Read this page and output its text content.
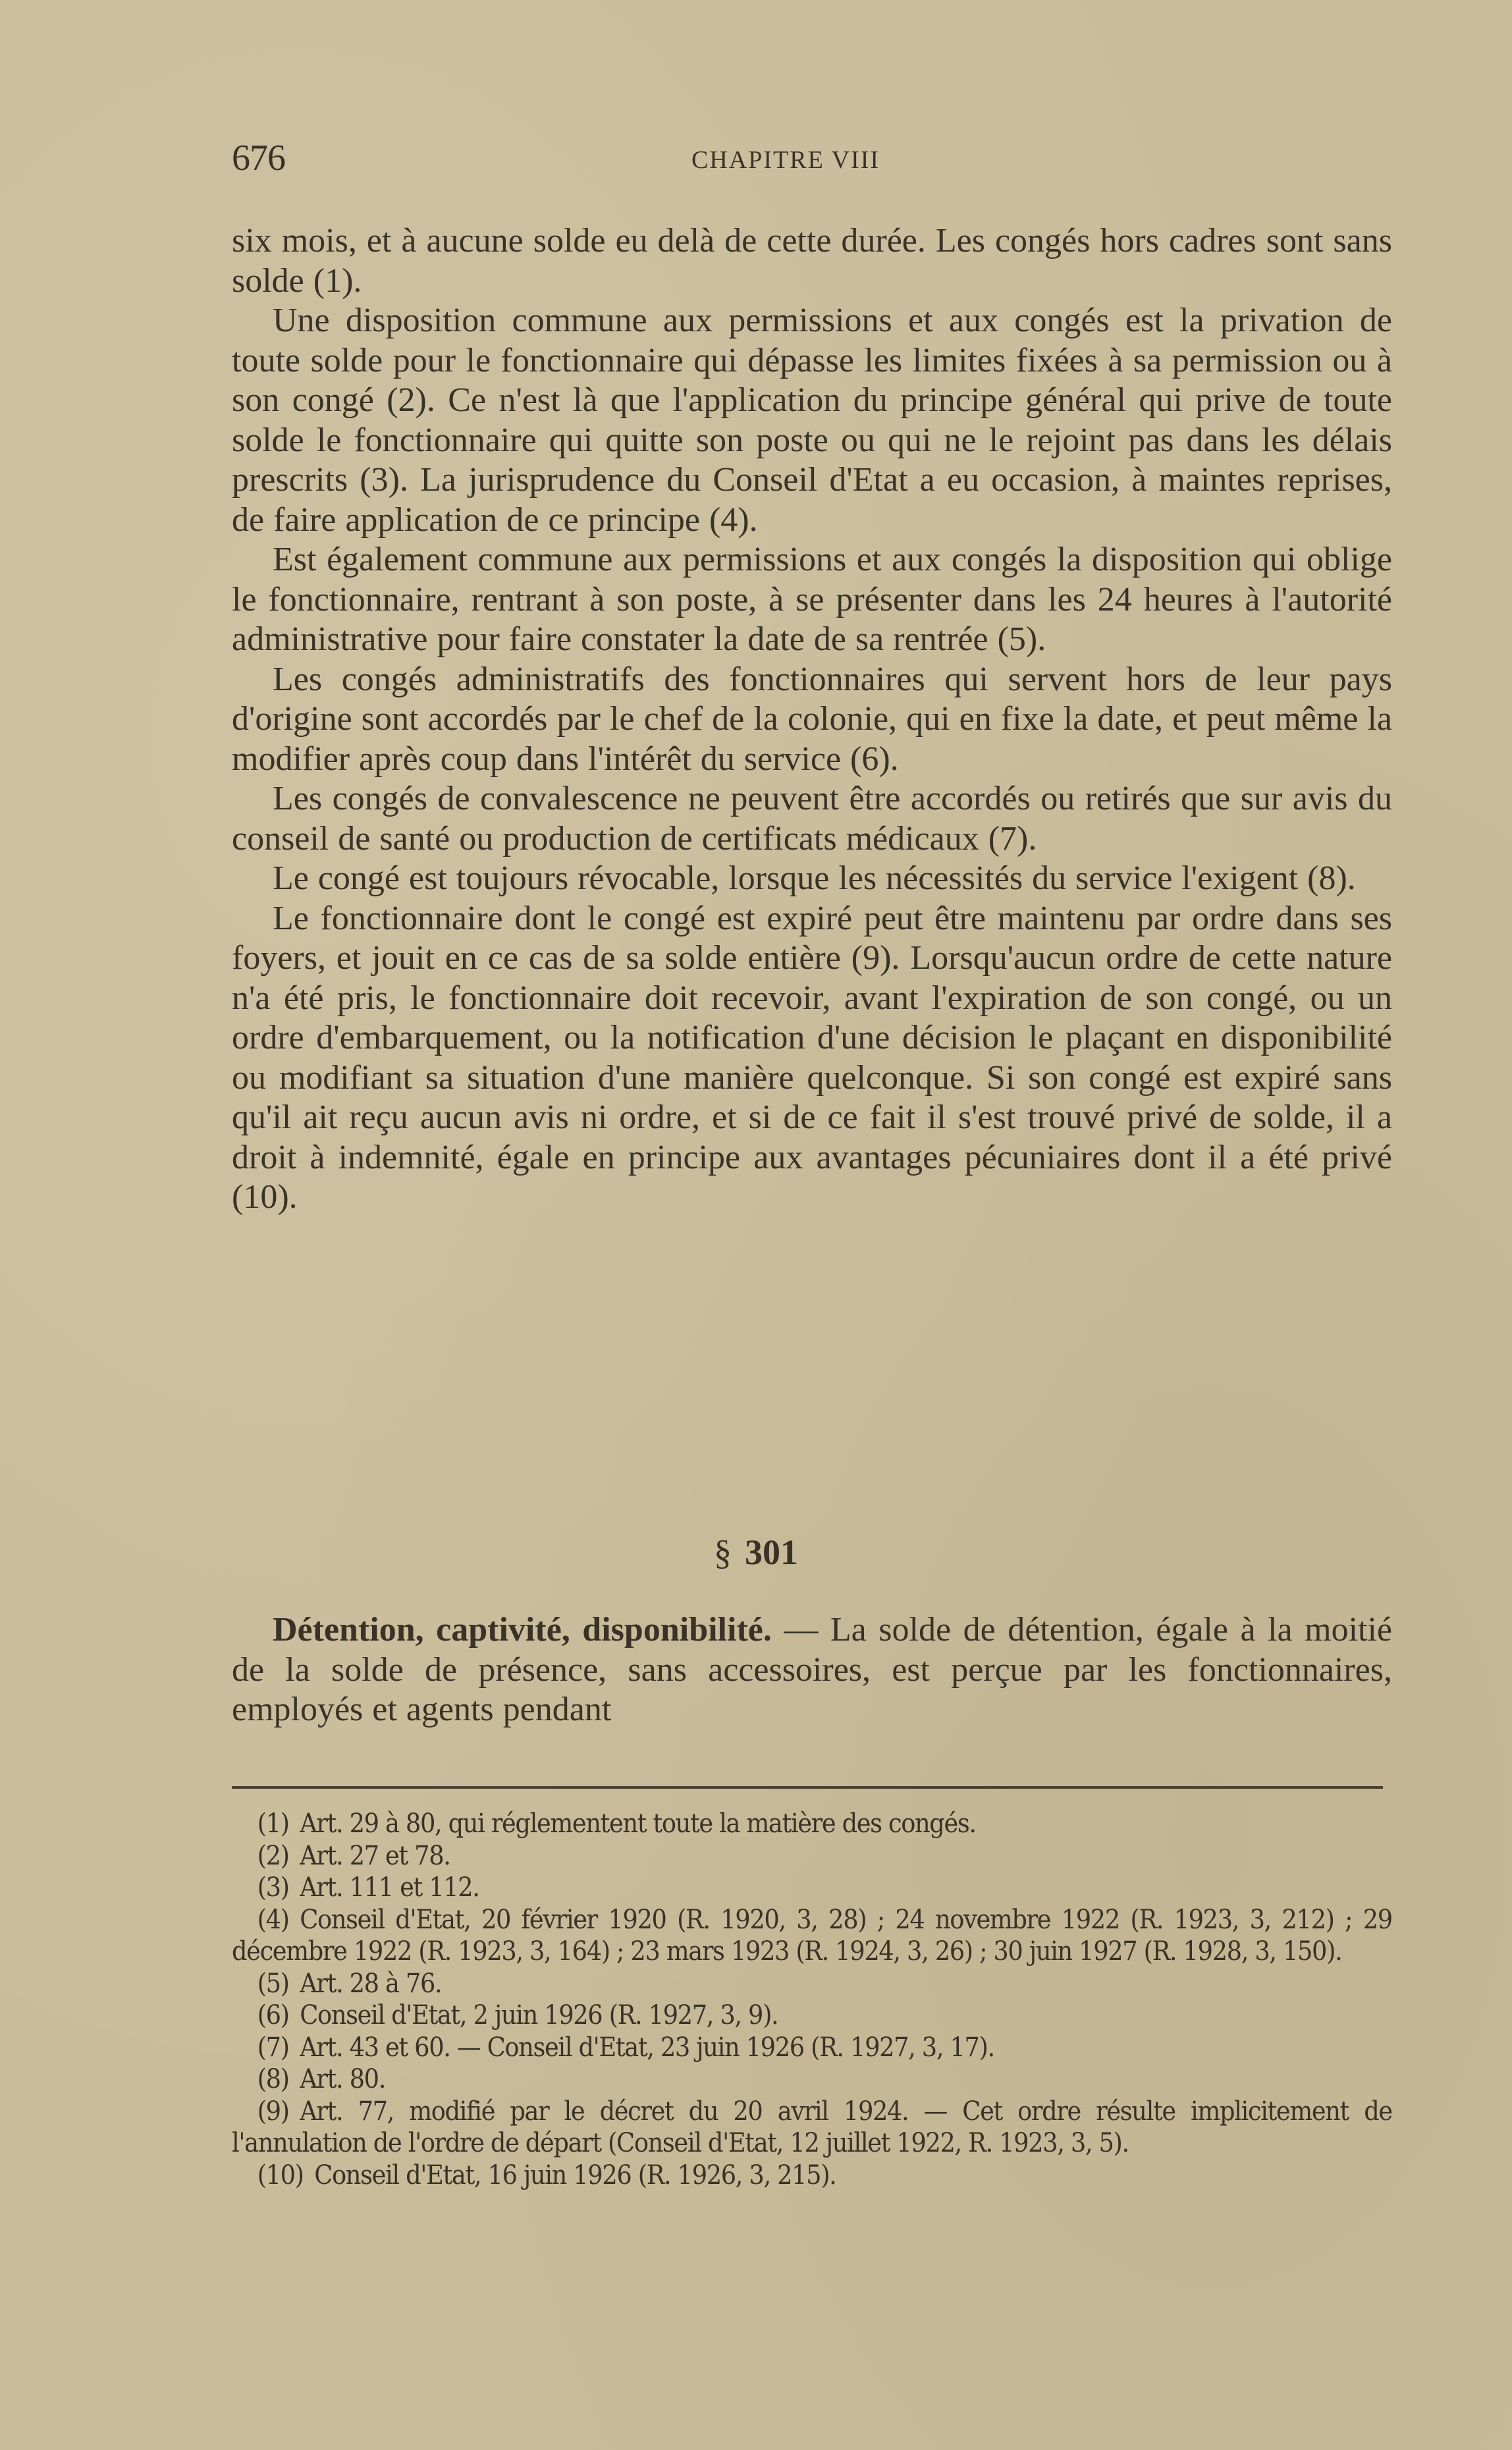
676	CHAPITRE VIII

six mois, et à aucune solde eu delà de cette durée. Les congés hors cadres sont sans solde (1).

Une disposition commune aux permissions et aux congés est la privation de toute solde pour le fonctionnaire qui dépasse les limites fixées à sa permission ou à son congé (2). Ce n'est là que l'application du principe général qui prive de toute solde le fonctionnaire qui quitte son poste ou qui ne le rejoint pas dans les délais prescrits (3). La jurisprudence du Conseil d'Etat a eu occasion, à maintes reprises, de faire application de ce principe (4).

Est également commune aux permissions et aux congés la disposition qui oblige le fonctionnaire, rentrant à son poste, à se présenter dans les 24 heures à l'autorité administrative pour faire constater la date de sa rentrée (5).

Les congés administratifs des fonctionnaires qui servent hors de leur pays d'origine sont accordés par le chef de la colonie, qui en fixe la date, et peut même la modifier après coup dans l'intérêt du service (6).

Les congés de convalescence ne peuvent être accordés ou retirés que sur avis du conseil de santé ou production de certificats médicaux (7).

Le congé est toujours révocable, lorsque les nécessités du service l'exigent (8).

Le fonctionnaire dont le congé est expiré peut être maintenu par ordre dans ses foyers, et jouit en ce cas de sa solde entière (9). Lorsqu'aucun ordre de cette nature n'a été pris, le fonctionnaire doit recevoir, avant l'expiration de son congé, ou un ordre d'embarquement, ou la notification d'une décision le plaçant en disponibilité ou modifiant sa situation d'une manière quelconque. Si son congé est expiré sans qu'il ait reçu aucun avis ni ordre, et si de ce fait il s'est trouvé privé de solde, il a droit à indemnité, égale en principe aux avantages pécuniaires dont il a été privé (10).

§ 301

Détention, captivité, disponibilité. — La solde de détention, égale à la moitié de la solde de présence, sans accessoires, est perçue par les fonctionnaires, employés et agents pendant

(1) Art. 29 à 80, qui réglementent toute la matière des congés.

(2) Art. 27 et 78.

(3) Art. 111 et 112.

(4) Conseil d'Etat, 20 février 1920 (R. 1920, 3, 28) ; 24 novembre 1922 (R. 1923, 3, 212) ; 29 décembre 1922 (R. 1923, 3, 164) ; 23 mars 1923 (R. 1924, 3, 26) ; 30 juin 1927 (R. 1928, 3, 150).

(5) Art. 28 à 76.

(6) Conseil d'Etat, 2 juin 1926 (R. 1927, 3, 9).

(7) Art. 43 et 60. — Conseil d'Etat, 23 juin 1926 (R. 1927, 3, 17).

(8) Art. 80.

(9) Art. 77, modifié par le décret du 20 avril 1924. — Cet ordre résulte implicitement de l'annulation de l'ordre de départ (Conseil d'Etat, 12 juillet 1922, R. 1923, 3, 5).

(10) Conseil d'Etat, 16 juin 1926 (R. 1926, 3, 215).
